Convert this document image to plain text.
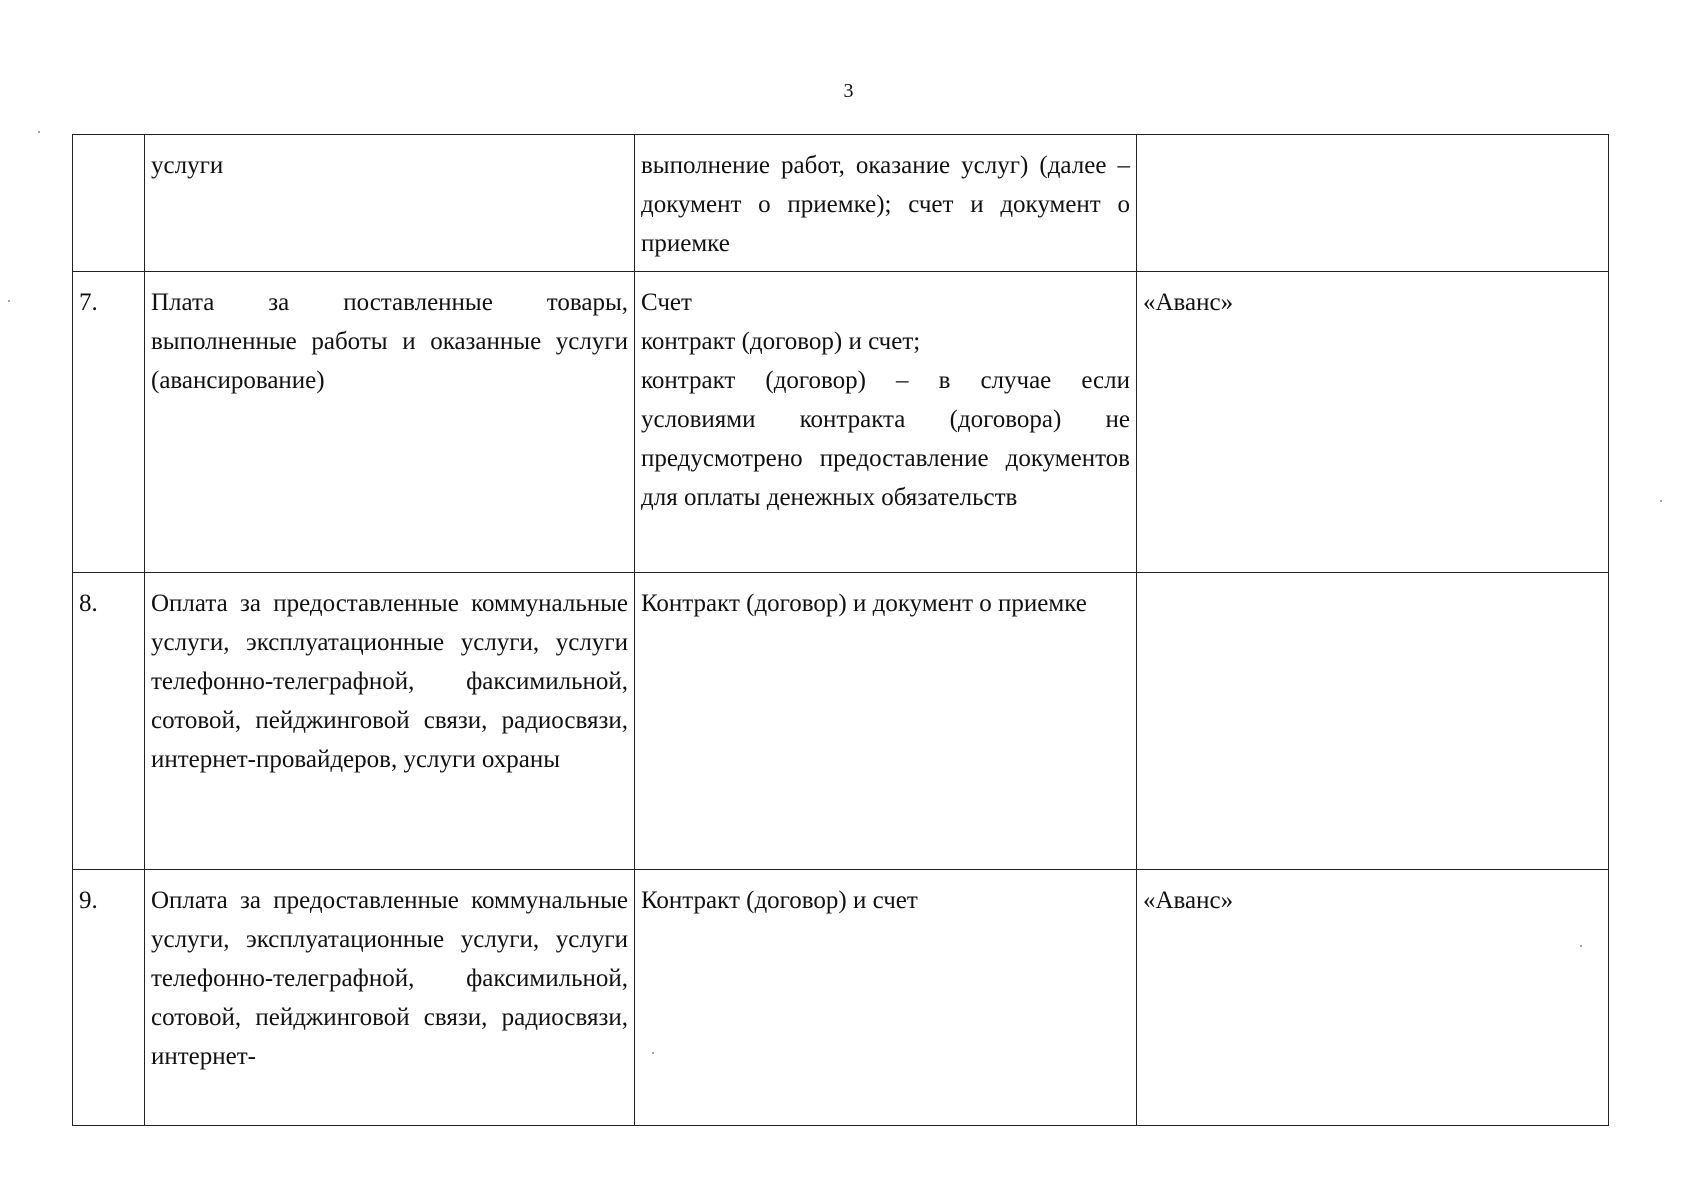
3
	услуги	выполнение работ, оказание услуг) (далее – документ о приемке); счет и документ о приемке	

7.	Плата за поставленные товары, выполненные работы и оказанные услуги (авансирование)	Счет
контракт (договор) и счет;
контракт (договор) – в случае если условиями контракта (договора) не предусмотрено предоставление документов для оплаты денежных обязательств	«Аванс»
8.	Оплата за предоставленные коммунальные услуги, эксплуатационные услуги, услуги телефонно-телеграфной, факсимильной, сотовой, пейджинговой связи, радиосвязи, интернет-провайдеров, услуги охраны	Контракт (договор) и документ о приемке	

9.	Оплата за предоставленные коммунальные услуги, эксплуатационные услуги, услуги телефонно-телеграфной, факсимильной, сотовой, пейджинговой связи, радиосвязи, интернет-	Контракт (договор) и счет	«Аванс»
